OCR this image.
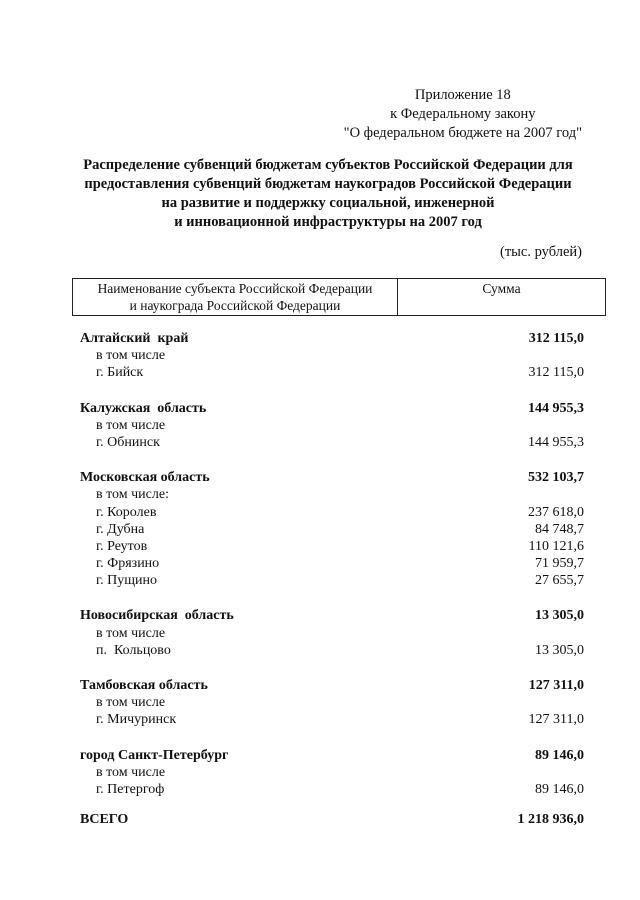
Приложение 18
к Федеральному закону
"О федеральном бюджете на 2007 год"
Распределение субвенций бюджетам субъектов Российской Федерации для
предоставления субвенций бюджетам наукоградов Российской Федерации
на развитие и поддержку социальной, инженерной
и инновационной инфраструктуры на 2007 год
(тыс. рублей)
Наименование субъекта Российской Федерации
и наукограда Российской Федерации
Сумма
Алтайский  край	312 115,0
в том числе
г. Бийск	312 115,0
Калужская  область	144 955,3
в том числе
г. Обнинск	144 955,3
Московская область	532 103,7
в том числе:
г. Королев	237 618,0
г. Дубна	84 748,7
г. Реутов	110 121,6
г. Фрязино	71 959,7
г. Пущино	27 655,7
Новосибирская  область	13 305,0
в том числе
п.  Кольцово	13 305,0
Тамбовская область	127 311,0
в том числе
г. Мичуринск	127 311,0
город Санкт-Петербург	89 146,0
в том числе
г. Петергоф	89 146,0
ВСЕГО	1 218 936,0
